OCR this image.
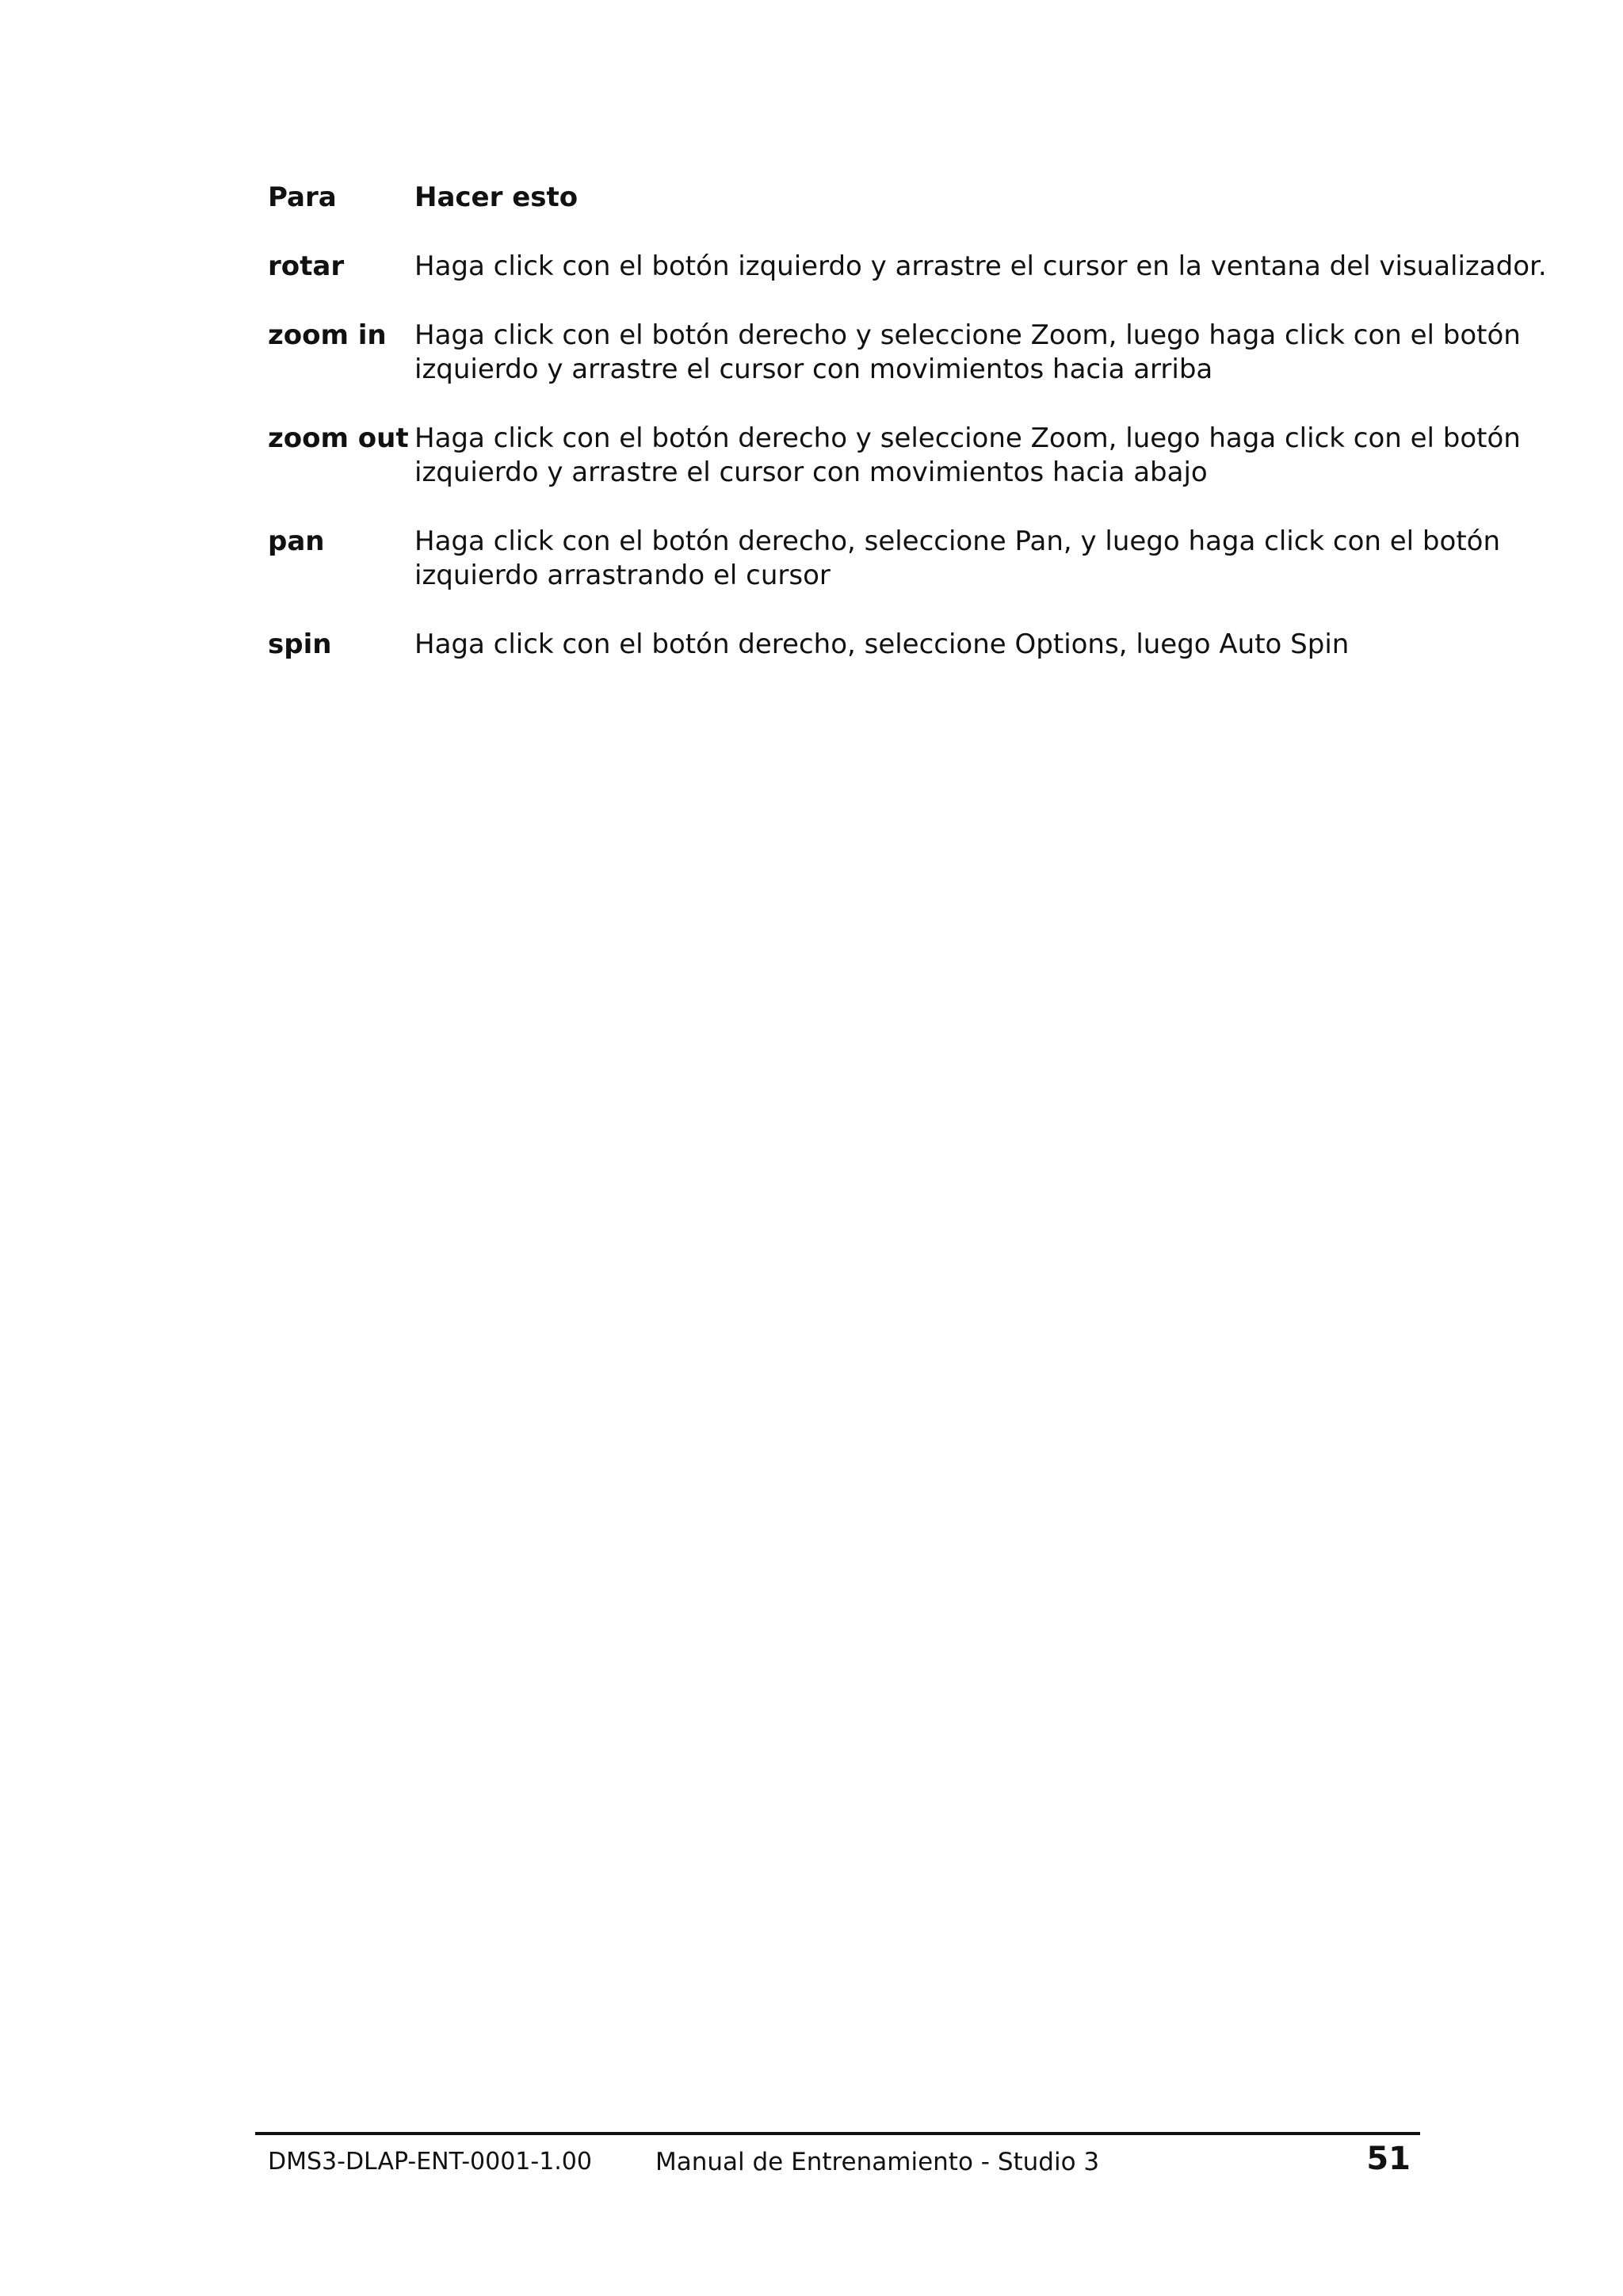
Para	Hacer esto
rotar	Haga click con el botón izquierdo y arrastre el cursor en la ventana del visualizador.
zoom in	Haga click con el botón derecho y seleccione Zoom, luego haga click con el botón izquierdo y arrastre el cursor con movimientos hacia arriba
zoom out	Haga click con el botón derecho y seleccione Zoom, luego haga click con el botón izquierdo y arrastre el cursor con movimientos hacia abajo
pan	Haga click con el botón derecho, seleccione Pan, y luego haga click con el botón izquierdo arrastrando el cursor
spin	Haga click con el botón derecho, seleccione Options, luego Auto Spin
DMS3-DLAP-ENT-0001-1.00	Manual de Entrenamiento - Studio 3	51
